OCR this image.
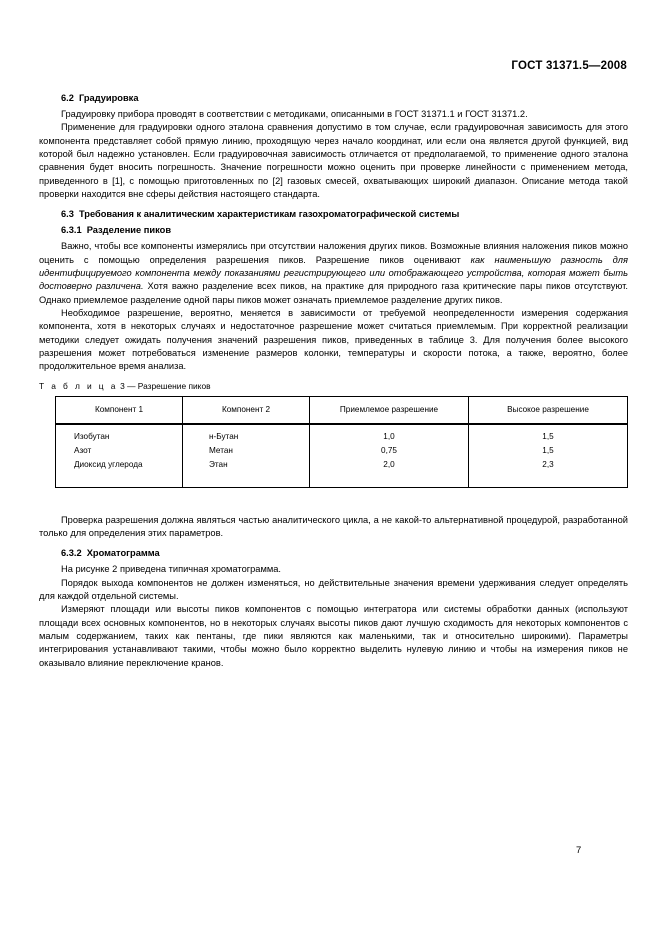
ГОСТ 31371.5—2008
6.2 Градуировка

Градуировку прибора проводят в соответствии с методиками, описанными в ГОСТ 31371.1 и ГОСТ 31371.2.

Применение для градуировки одного эталона сравнения допустимо в том случае, если градуировочная зависимость для этого компонента представляет собой прямую линию, проходящую через начало координат, или если она является другой функцией, вид которой был надежно установлен. Если градуировочная зависимость отличается от предполагаемой, то применение одного эталона сравнения будет вносить погрешность. Значение погрешности можно оценить при проверке линейности с применением метода, приведенного в [1], с помощью приготовленных по [2] газовых смесей, охватывающих широкий диапазон. Описание метода такой проверки находится вне сферы действия настоящего стандарта.

6.3 Требования к аналитическим характеристикам газохроматографической системы
6.3.1 Разделение пиков

Важно, чтобы все компоненты измерялись при отсутствии наложения других пиков. Возможные влияния наложения пиков можно оценить с помощью определения разрешения пиков. Разрешение пиков оценивают как наименьшую разность для идентифицируемого компонента между показаниями регистрирующего или отображающего устройства, которая может быть достоверно различена. Хотя важно разделение всех пиков, на практике для природного газа критические пары пиков отсутствуют. Однако приемлемое разделение одной пары пиков может означать приемлемое разделение других пиков.

Необходимое разрешение, вероятно, меняется в зависимости от требуемой неопределенности измерения содержания компонента, хотя в некоторых случаях и недостаточное разрешение может считаться приемлемым. При корректной реализации методики следует ожидать получения значений разрешения пиков, приведенных в таблице 3. Для получения более высокого разрешения может потребоваться изменение размеров колонки, температуры и скорости потока, а также, вероятно, более продолжительное время анализа.

Т а б л и ц а 3 — Разрешение пиков
Компонент 1	Компонент 2	Приемлемое разрешение	Высокое разрешение
Изобутан	н-Бутан	1,0	1,5
Азот	Метан	0,75	1,5
Диоксид углерода	Этан	2,0	2,3

Проверка разрешения должна являться частью аналитического цикла, а не какой-то альтернативной процедурой, разработанной только для определения этих параметров.

6.3.2 Хроматограмма

На рисунке 2 приведена типичная хроматограмма.

Порядок выхода компонентов не должен изменяться, но действительные значения времени удерживания следует определять для каждой отдельной системы.

Измеряют площади или высоты пиков компонентов с помощью интегратора или системы обработки данных (используют площади всех основных компонентов, но в некоторых случаях высоты пиков дают лучшую сходимость для некоторых компонентов с малым содержанием, таких как пентаны, где пики являются как маленькими, так и относительно широкими). Параметры интегрирования устанавливают такими, чтобы можно было корректно выделить нулевую линию и чтобы на измерения пиков не оказывало влияние переключение кранов.

7
